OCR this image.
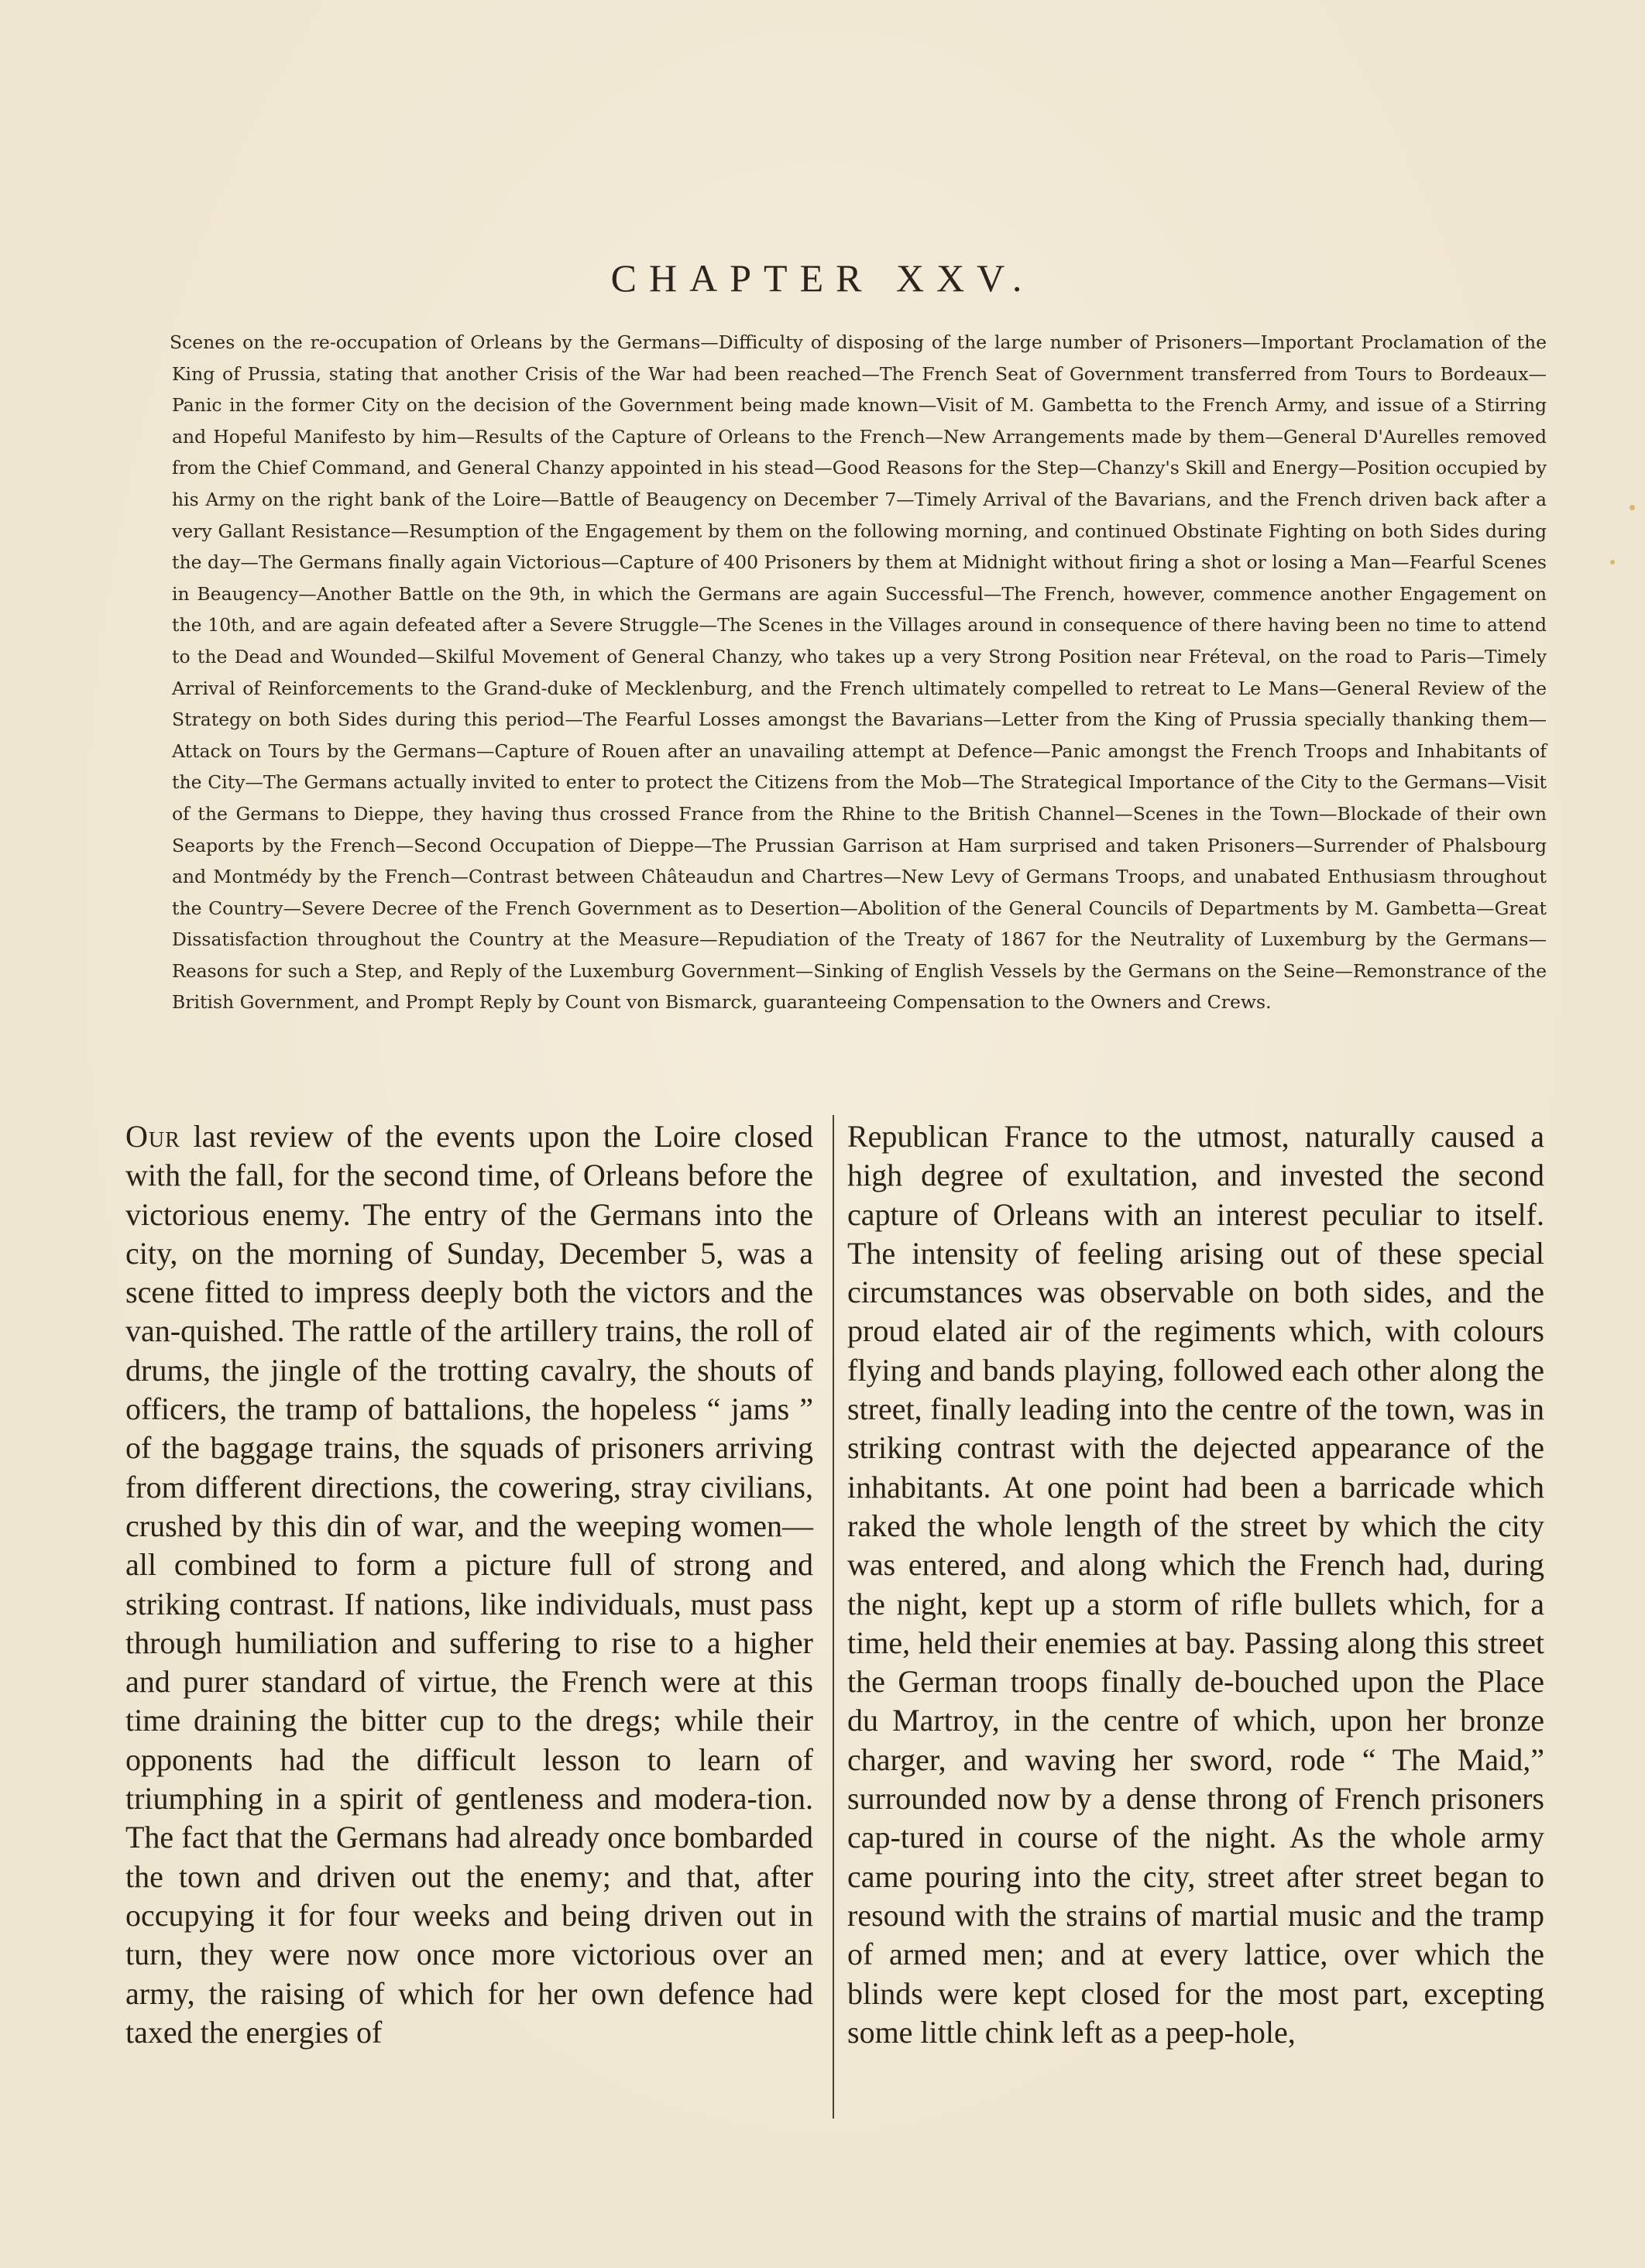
CHAPTER XXV.

Scenes on the re-occupation of Orleans by the Germans—Difficulty of disposing of the large number of Prisoners—Important Proclamation of the King of Prussia, stating that another Crisis of the War had been reached—The French Seat of Government transferred from Tours to Bordeaux—Panic in the former City on the decision of the Government being made known—Visit of M. Gambetta to the French Army, and issue of a Stirring and Hopeful Manifesto by him—Results of the Capture of Orleans to the French—New Arrangements made by them—General D'Aurelles removed from the Chief Command, and General Chanzy appointed in his stead—Good Reasons for the Step—Chanzy's Skill and Energy—Position occupied by his Army on the right bank of the Loire—Battle of Beaugency on December 7—Timely Arrival of the Bavarians, and the French driven back after a very Gallant Resistance—Resumption of the Engagement by them on the following morning, and continued Obstinate Fighting on both Sides during the day—The Germans finally again Victorious—Capture of 400 Prisoners by them at Midnight without firing a shot or losing a Man—Fearful Scenes in Beaugency—Another Battle on the 9th, in which the Germans are again Successful—The French, however, commence another Engagement on the 10th, and are again defeated after a Severe Struggle—The Scenes in the Villages around in consequence of there having been no time to attend to the Dead and Wounded—Skilful Movement of General Chanzy, who takes up a very Strong Position near Fréteval, on the road to Paris—Timely Arrival of Reinforcements to the Grand-duke of Mecklenburg, and the French ultimately compelled to retreat to Le Mans—General Review of the Strategy on both Sides during this period—The Fearful Losses amongst the Bavarians—Letter from the King of Prussia specially thanking them—Attack on Tours by the Germans—Capture of Rouen after an unavailing attempt at Defence—Panic amongst the French Troops and Inhabitants of the City—The Germans actually invited to enter to protect the Citizens from the Mob—The Strategical Importance of the City to the Germans—Visit of the Germans to Dieppe, they having thus crossed France from the Rhine to the British Channel—Scenes in the Town—Blockade of their own Seaports by the French—Second Occupation of Dieppe—The Prussian Garrison at Ham surprised and taken Prisoners—Surrender of Phalsbourg and Montmédy by the French—Contrast between Châteaudun and Chartres—New Levy of Germans Troops, and unabated Enthusiasm throughout the Country—Severe Decree of the French Government as to Desertion—Abolition of the General Councils of Departments by M. Gambetta—Great Dissatisfaction throughout the Country at the Measure—Repudiation of the Treaty of 1867 for the Neutrality of Luxemburg by the Germans—Reasons for such a Step, and Reply of the Luxemburg Government—Sinking of English Vessels by the Germans on the Seine—Remonstrance of the British Government, and Prompt Reply by Count von Bismarck, guaranteeing Compensation to the Owners and Crews.

Our last review of the events upon the Loire closed with the fall, for the second time, of Orleans before the victorious enemy. The entry of the Germans into the city, on the morning of Sunday, December 5, was a scene fitted to impress deeply both the victors and the van-quished. The rattle of the artillery trains, the roll of drums, the jingle of the trotting cavalry, the shouts of officers, the tramp of battalions, the hopeless “ jams ” of the baggage trains, the squads of prisoners arriving from different directions, the cowering, stray civilians, crushed by this din of war, and the weeping women—all combined to form a picture full of strong and striking contrast. If nations, like individuals, must pass through humiliation and suffering to rise to a higher and purer standard of virtue, the French were at this time draining the bitter cup to the dregs; while their opponents had the difficult lesson to learn of triumphing in a spirit of gentleness and modera-tion. The fact that the Germans had already once bombarded the town and driven out the enemy; and that, after occupying it for four weeks and being driven out in turn, they were now once more victorious over an army, the raising of which for her own defence had taxed the energies of

Republican France to the utmost, naturally caused a high degree of exultation, and invested the second capture of Orleans with an interest peculiar to itself. The intensity of feeling arising out of these special circumstances was observable on both sides, and the proud elated air of the regiments which, with colours flying and bands playing, followed each other along the street, finally leading into the centre of the town, was in striking contrast with the dejected appearance of the inhabitants. At one point had been a barricade which raked the whole length of the street by which the city was entered, and along which the French had, during the night, kept up a storm of rifle bullets which, for a time, held their enemies at bay. Passing along this street the German troops finally de-bouched upon the Place du Martroy, in the centre of which, upon her bronze charger, and waving her sword, rode “ The Maid,” surrounded now by a dense throng of French prisoners cap-tured in course of the night. As the whole army came pouring into the city, street after street began to resound with the strains of martial music and the tramp of armed men; and at every lattice, over which the blinds were kept closed for the most part, excepting some little chink left as a peep-hole,
